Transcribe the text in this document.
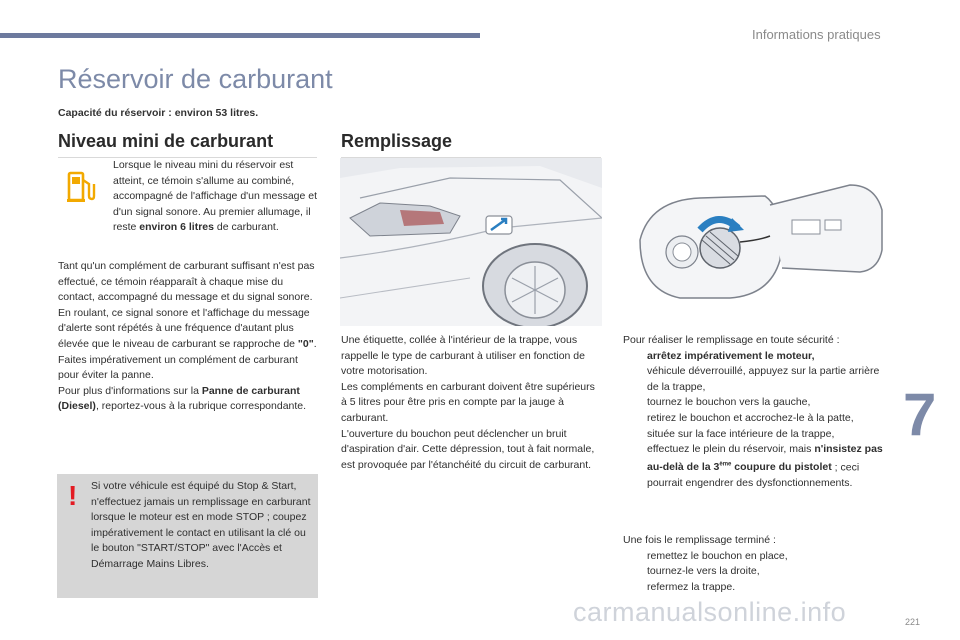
Informations pratiques
Réservoir de carburant
Capacité du réservoir : environ 53 litres.
Niveau mini de carburant

Lorsque le niveau mini du réservoir est atteint, ce témoin s'allume au combiné, accompagné de l'affichage d'un message et d'un signal sonore. Au premier allumage, il reste environ 6 litres de carburant.

Tant qu'un complément de carburant suffisant n'est pas effectué, ce témoin réapparaît à chaque mise du contact, accompagné du message et du signal sonore. En roulant, ce signal sonore et l'affichage du message d'alerte sont répétés à une fréquence d'autant plus élevée que le niveau de carburant se rapproche de "0".
Faites impérativement un complément de carburant pour éviter la panne.
Pour plus d'informations sur la Panne de carburant (Diesel), reportez-vous à la rubrique correspondante.

! Si votre véhicule est équipé du Stop & Start, n'effectuez jamais un remplissage en carburant lorsque le moteur est en mode STOP ; coupez impérativement le contact en utilisant la clé ou le bouton "START/STOP" avec l'Accès et Démarrage Mains Libres.

Remplissage

Une étiquette, collée à l'intérieur de la trappe, vous rappelle le type de carburant à utiliser en fonction de votre motorisation.
Les compléments en carburant doivent être supérieurs à 5 litres pour être pris en compte par la jauge à carburant.
L'ouverture du bouchon peut déclencher un bruit d'aspiration d'air. Cette dépression, tout à fait normale, est provoquée par l'étanchéité du circuit de carburant.

Pour réaliser le remplissage en toute sécurité :
arrêtez impérativement le moteur,
véhicule déverrouillé, appuyez sur la partie arrière de la trappe,
tournez le bouchon vers la gauche,
retirez le bouchon et accrochez-le à la patte, située sur la face intérieure de la trappe,
effectuez le plein du réservoir, mais n'insistez pas au-delà de la 3ème coupure du pistolet ; ceci pourrait engendrer des dysfonctionnements.
Une fois le remplissage terminé :
remettez le bouchon en place,
tournez-le vers la droite,
refermez la trappe.
7
carmanualsonline.info	221
